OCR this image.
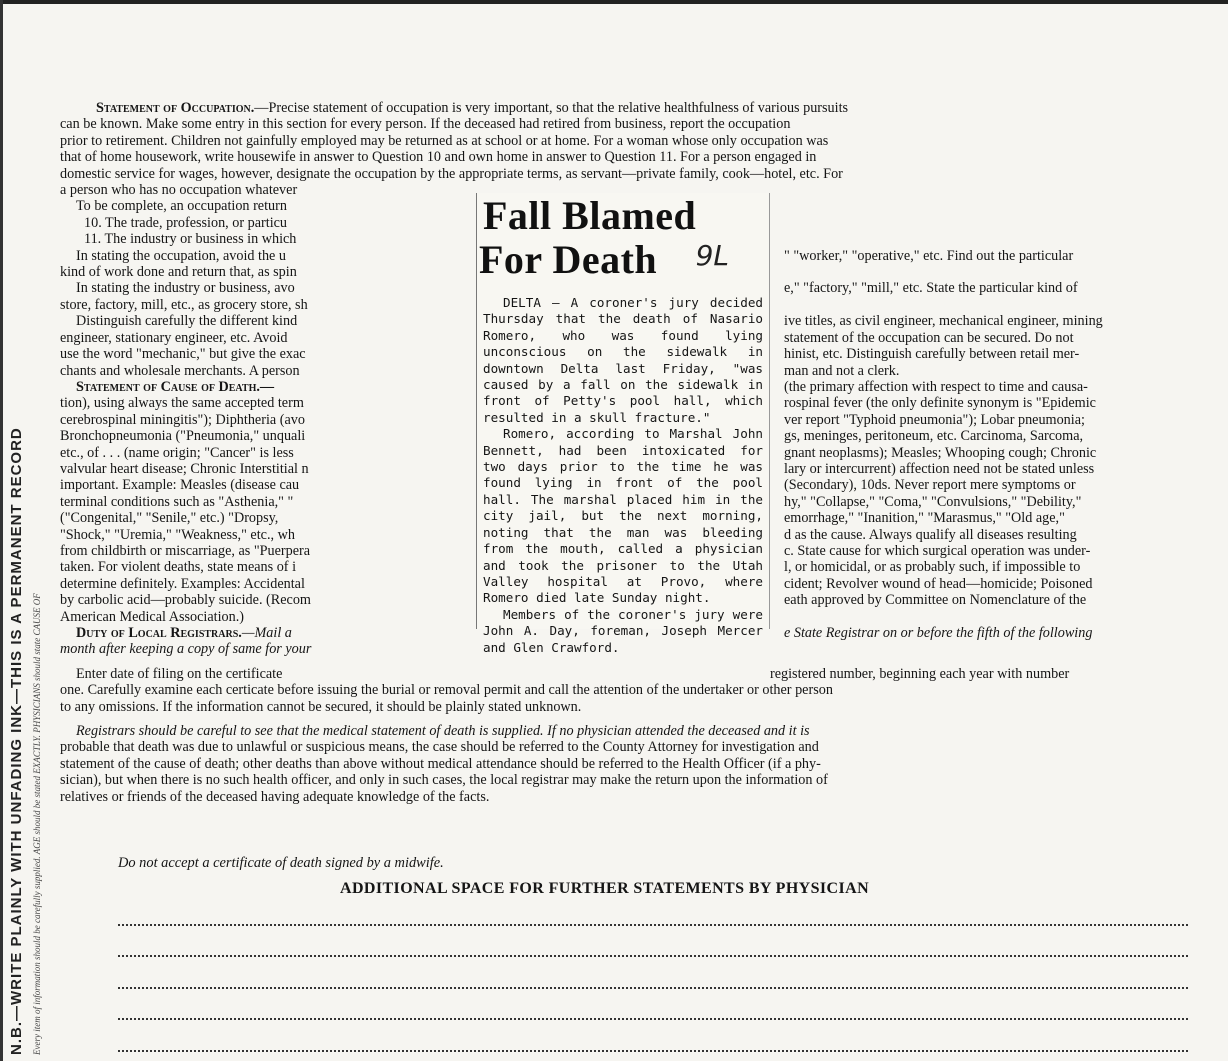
N.B.—WRITE PLAINLY WITH UNFADING INK—THIS IS A PERMANENT RECORD Every item of information should be carefully supplied. AGE should be stated EXACTLY. PHYSICIANS should state CAUSE OF
Statement of Occupation.—Precise statement of occupation is very important, so that the relative healthfulness of various pursuits
can be known. Make some entry in this section for every person. If the deceased had retired from business, report the occupation
prior to retirement. Children not gainfully employed may be returned as at school or at home. For a woman whose only occupation was
that of home housework, write housewife in answer to Question 10 and own home in answer to Question 11. For a person engaged in
domestic service for wages, however, designate the occupation by the appropriate terms, as servant—private family, cook—hotel, etc. For
a person who has no occupation whatever
To be complete, an occupation return
10. The trade, profession, or particu
11. The industry or business in which
In stating the occupation, avoid the u	" "worker," "operative," etc. Find out the particular
kind of work done and return that, as spin
In stating the industry or business, avo	e," "factory," "mill," etc. State the particular kind of
store, factory, mill, etc., as grocery store, sh
Distinguish carefully the different kind	ive titles, as civil engineer, mechanical engineer, mining
engineer, stationary engineer, etc. Avoid	statement of the occupation can be secured. Do not
use the word "mechanic," but give the exac	hinist, etc. Distinguish carefully between retail mer-
chants and wholesale merchants. A person	man and not a clerk.
Statement of Cause of Death.—	(the primary affection with respect to time and causa-
tion), using always the same accepted term	rospinal fever (the only definite synonym is "Epidemic
cerebrospinal miningitis"); Diphtheria (avo	ver report "Typhoid pneumonia"); Lobar pneumonia;
Bronchopneumonia ("Pneumonia," unquali	gs, meninges, peritoneum, etc. Carcinoma, Sarcoma,
etc., of . . . (name origin; "Cancer" is less	gnant neoplasms); Measles; Whooping cough; Chronic
valvular heart disease; Chronic Interstitial n	lary or intercurrent) affection need not be stated unless
important. Example: Measles (disease cau	(Secondary), 10ds. Never report mere symptoms or
terminal conditions such as "Asthenia," "	hy," "Collapse," "Coma," "Convulsions," "Debility,"
("Congenital," "Senile," etc.) "Dropsy,	emorrhage," "Inanition," "Marasmus," "Old age,"
"Shock," "Uremia," "Weakness," etc., wh	d as the cause. Always qualify all diseases resulting
from childbirth or miscarriage, as "Puerpera	c. State cause for which surgical operation was under-
taken. For violent deaths, state means of i	l, or homicidal, or as probably such, if impossible to
determine definitely. Examples: Accidental	cident; Revolver wound of head—homicide; Poisoned
by carbolic acid—probably suicide. (Recom	eath approved by Committee on Nomenclature of the
American Medical Association.)
Duty of Local Registrars.—Mail a	e State Registrar on or before the fifth of the following
month after keeping a copy of same for your
Enter date of filing on the certificate	registered number, beginning each year with number
one. Carefully examine each certicate before issuing the burial or removal permit and call the attention of the undertaker or other person
to any omissions. If the information cannot be secured, it should be plainly stated unknown.
Registrars should be careful to see that the medical statement of death is supplied. If no physician attended the deceased and it is
probable that death was due to unlawful or suspicious means, the case should be referred to the County Attorney for investigation and
statement of the cause of death; other deaths than above without medical attendance should be referred to the Health Officer (if a phy-
sician), but when there is no such health officer, and only in such cases, the local registrar may make the return upon the information of
relatives or friends of the deceased having adequate knowledge of the facts.
Do not accept a certificate of death signed by a midwife.
ADDITIONAL SPACE FOR FURTHER STATEMENTS BY PHYSICIAN
Fall Blamed
For Death	9L
DELTA — A coroner's jury decided Thursday that the death of Nasario Romero, who was found lying unconscious on the sidewalk in downtown Delta last Friday, "was caused by a fall on the sidewalk in front of Petty's pool hall, which resulted in a skull fracture."
Romero, according to Marshal John Bennett, had been intoxicated for two days prior to the time he was found lying in front of the pool hall. The marshal placed him in the city jail, but the next morning, noting that the man was bleeding from the mouth, called a physician and took the prisoner to the Utah Valley hospital at Provo, where Romero died late Sunday night.
Members of the coroner's jury were John A. Day, foreman, Joseph Mercer and Glen Crawford.
